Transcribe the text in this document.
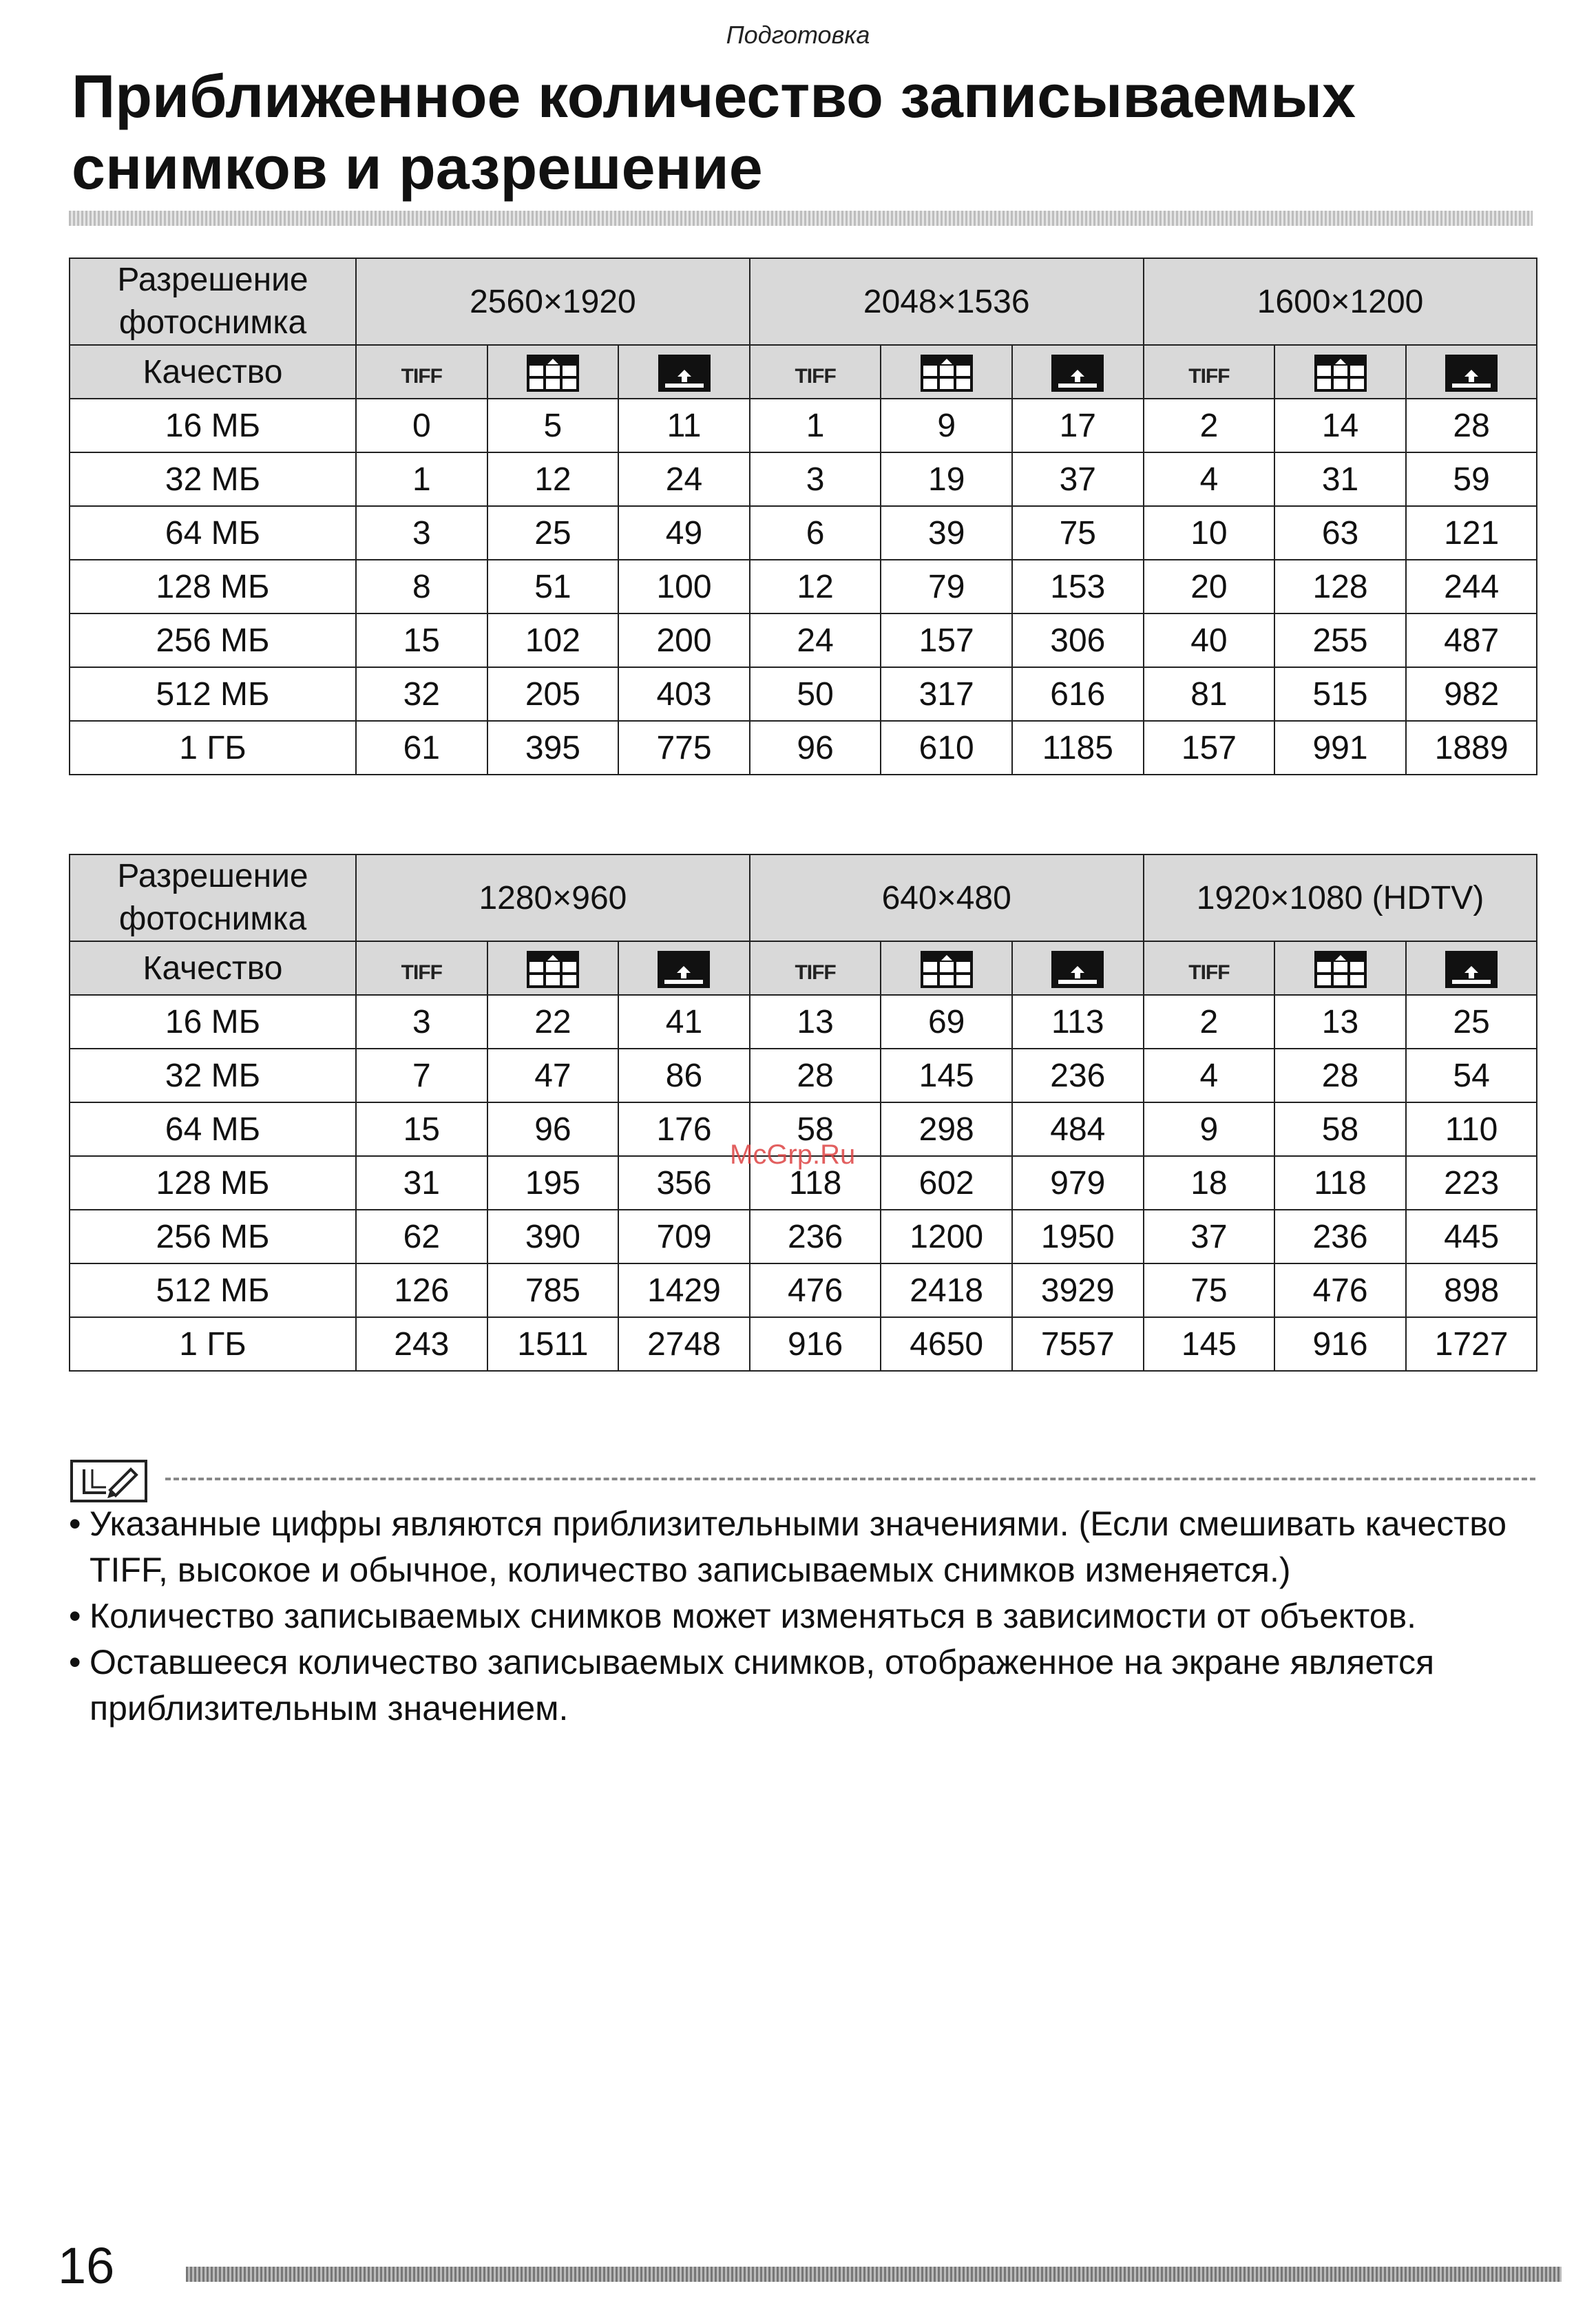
Подготовка
Приближенное количество записываемых снимков и разрешение
Разрешение фотоснимка	2560×1920			2048×1536			1600×1200		
Качество	TIFF			TIFF			TIFF		
16 МБ	0	5	11	1	9	17	2	14	28
32 МБ	1	12	24	3	19	37	4	31	59
64 МБ	3	25	49	6	39	75	10	63	121
128 МБ	8	51	100	12	79	153	20	128	244
256 МБ	15	102	200	24	157	306	40	255	487
512 МБ	32	205	403	50	317	616	81	515	982
1 ГБ	61	395	775	96	610	1185	157	991	1889
Разрешение фотоснимка	1280×960			640×480			1920×1080 (HDTV)		
Качество	TIFF			TIFF			TIFF		
16 МБ	3	22	41	13	69	113	2	13	25
32 МБ	7	47	86	28	145	236	4	28	54
64 МБ	15	96	176	58	298	484	9	58	110
128 МБ	31	195	356	118	602	979	18	118	223
256 МБ	62	390	709	236	1200	1950	37	236	445
512 МБ	126	785	1429	476	2418	3929	75	476	898
1 ГБ	243	1511	2748	916	4650	7557	145	916	1727
McGrp.Ru

• Указанные цифры являются приблизительными значениями. (Если смешивать качество TIFF, высокое и обычное, количество записываемых снимков изменяется.)

• Количество записываемых снимков может изменяться в зависимости от объектов.

• Оставшееся количество записываемых снимков, отображенное на экране является приблизительным значением.

16
